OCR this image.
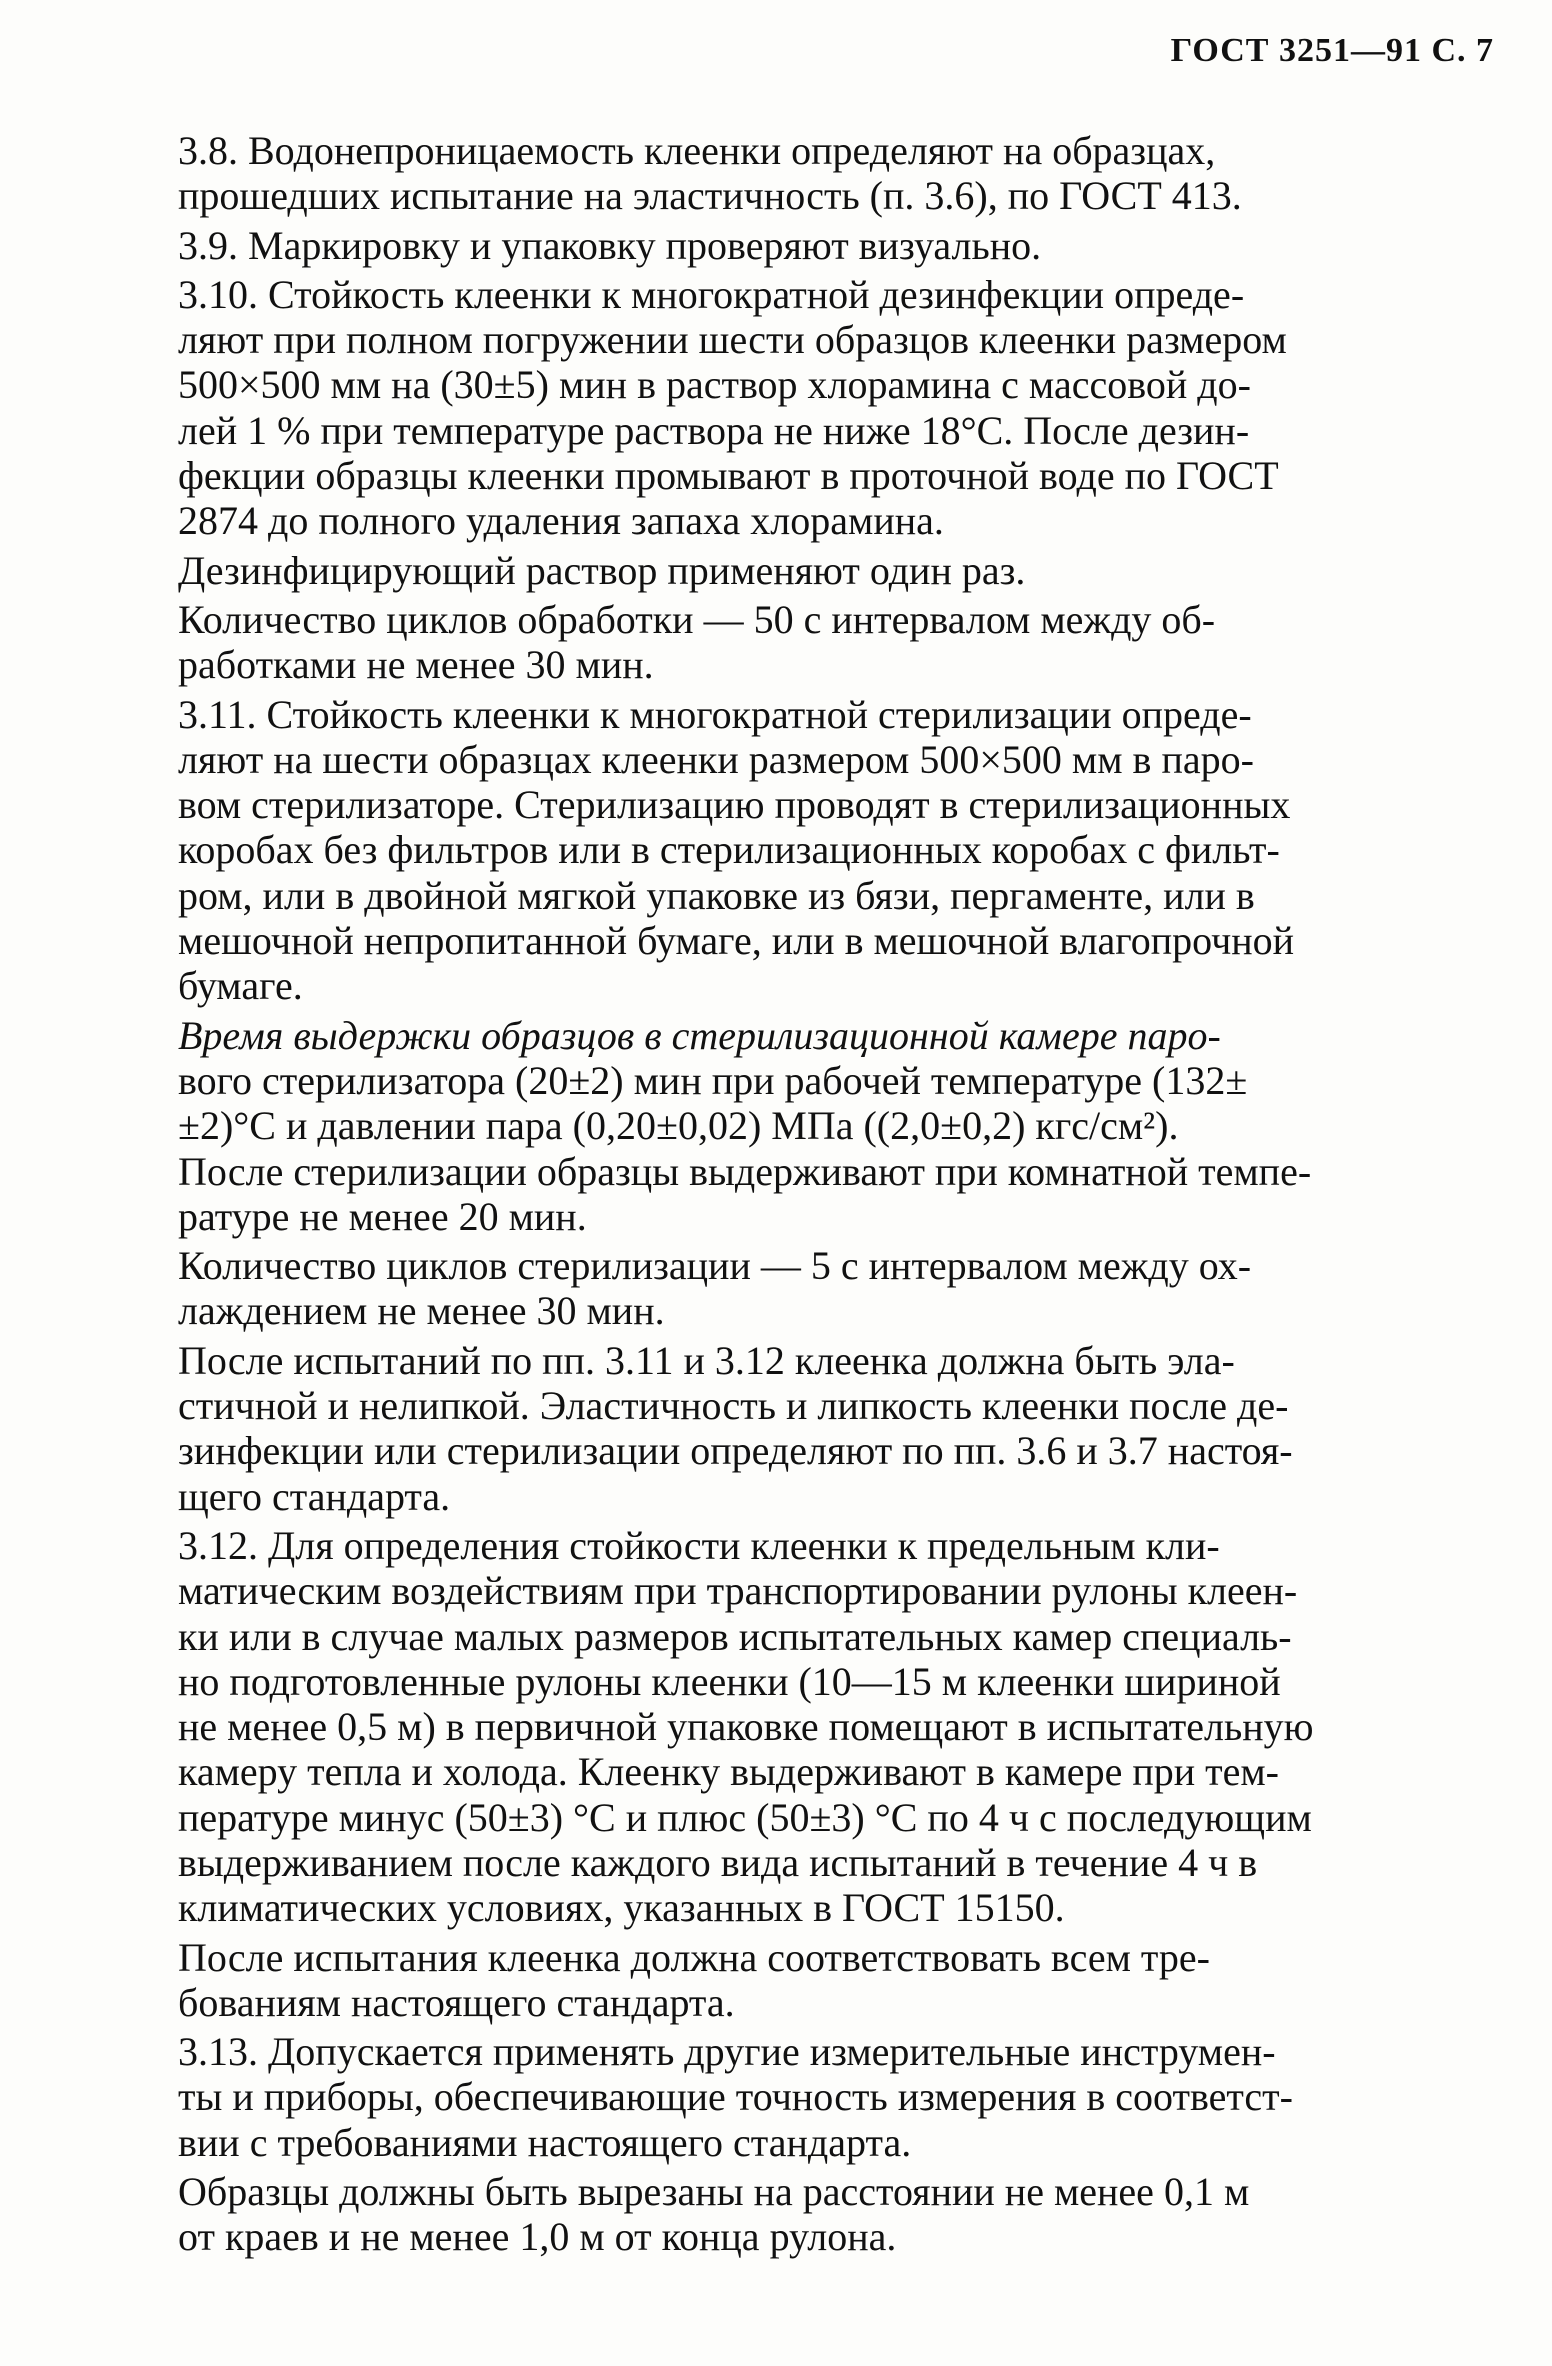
ГОСТ 3251—91 С. 7

3.8. Водонепроницаемость клеенки определяют на образцах,
прошедших испытание на эластичность (п. 3.6), по ГОСТ 413.

3.9. Маркировку и упаковку проверяют визуально.

3.10. Стойкость клеенки к многократной дезинфекции опреде-
ляют при полном погружении шести образцов клеенки размером
500×500 мм на (30±5) мин в раствор хлорамина с массовой до-
лей 1 % при температуре раствора не ниже 18°С. После дезин-
фекции образцы клеенки промывают в проточной воде по ГОСТ
2874 до полного удаления запаха хлорамина.

Дезинфицирующий раствор применяют один раз.

Количество циклов обработки — 50 с интервалом между об-
работками не менее 30 мин.

3.11. Стойкость клеенки к многократной стерилизации опреде-
ляют на шести образцах клеенки размером 500×500 мм в паро-
вом стерилизаторе. Стерилизацию проводят в стерилизационных
коробах без фильтров или в стерилизационных коробах с фильт-
ром, или в двойной мягкой упаковке из бязи, пергаменте, или в
мешочной непропитанной бумаге, или в мешочной влагопрочной
бумаге.

Время выдержки образцов в стерилизационной камере паро-
вого стерилизатора (20±2) мин при рабочей температуре (132±
±2)°С и давлении пара (0,20±0,02) МПа ((2,0±0,2) кгс/см²).
После стерилизации образцы выдерживают при комнатной темпе-
ратуре не менее 20 мин.

Количество циклов стерилизации — 5 с интервалом между ох-
лаждением не менее 30 мин.

После испытаний по пп. 3.11 и 3.12 клеенка должна быть эла-
стичной и нелипкой. Эластичность и липкость клеенки после де-
зинфекции или стерилизации определяют по пп. 3.6 и 3.7 настоя-
щего стандарта.

3.12. Для определения стойкости клеенки к предельным кли-
матическим воздействиям при транспортировании рулоны клеен-
ки или в случае малых размеров испытательных камер специаль-
но подготовленные рулоны клеенки (10—15 м клеенки шириной
не менее 0,5 м) в первичной упаковке помещают в испытательную
камеру тепла и холода. Клеенку выдерживают в камере при тем-
пературе минус (50±3) °С и плюс (50±3) °С по 4 ч с последующим
выдерживанием после каждого вида испытаний в течение 4 ч в
климатических условиях, указанных в ГОСТ 15150.

После испытания клеенка должна соответствовать всем тре-
бованиям настоящего стандарта.

3.13. Допускается применять другие измерительные инструмен-
ты и приборы, обеспечивающие точность измерения в соответст-
вии с требованиями настоящего стандарта.

Образцы должны быть вырезаны на расстоянии не менее 0,1 м
от краев и не менее 1,0 м от конца рулона.
